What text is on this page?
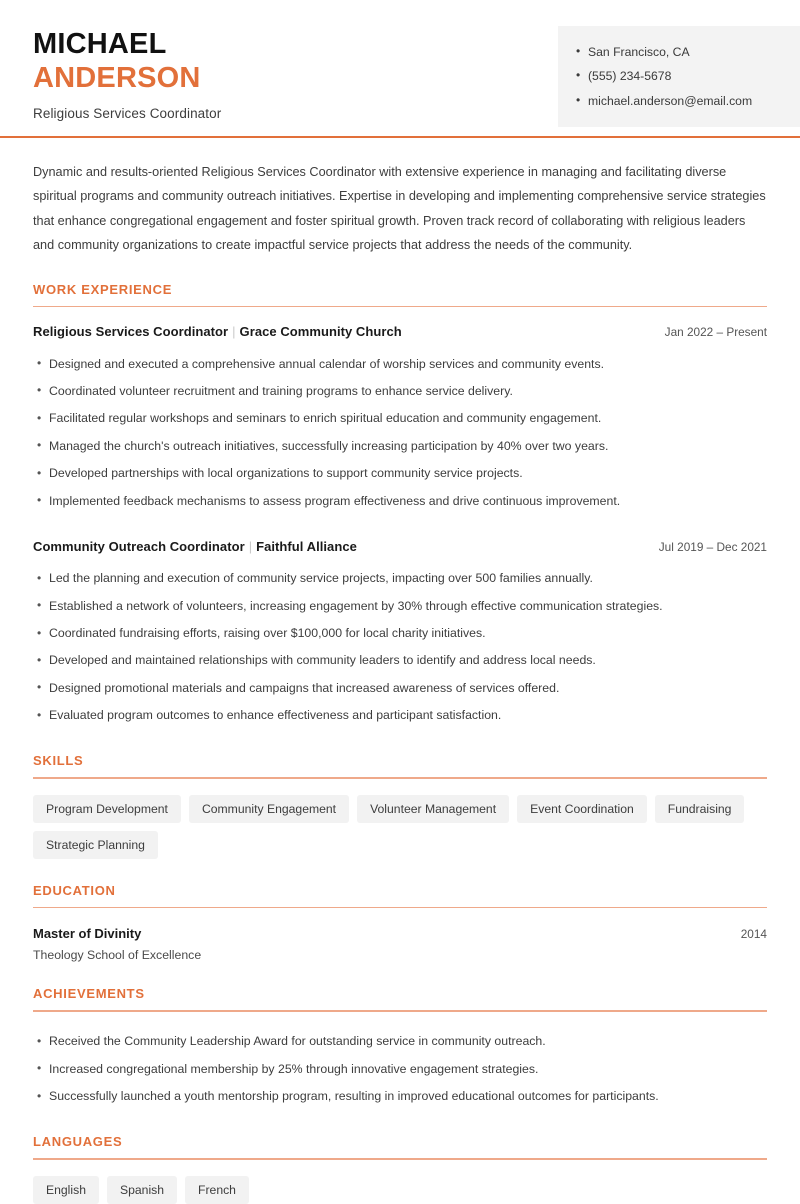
MICHAEL
ANDERSON
Religious Services Coordinator
• San Francisco, CA
• (555) 234-5678
• michael.anderson@email.com

Dynamic and results-oriented Religious Services Coordinator with extensive experience in managing and facilitating diverse spiritual programs and community outreach initiatives. Expertise in developing and implementing comprehensive service strategies that enhance congregational engagement and foster spiritual growth. Proven track record of collaborating with religious leaders and community organizations to create impactful service projects that address the needs of the community.

WORK EXPERIENCE
Religious Services Coordinator | Grace Community Church	Jan 2022 – Present
• Designed and executed a comprehensive annual calendar of worship services and community events.
• Coordinated volunteer recruitment and training programs to enhance service delivery.
• Facilitated regular workshops and seminars to enrich spiritual education and community engagement.
• Managed the church's outreach initiatives, successfully increasing participation by 40% over two years.
• Developed partnerships with local organizations to support community service projects.
• Implemented feedback mechanisms to assess program effectiveness and drive continuous improvement.
Community Outreach Coordinator | Faithful Alliance	Jul 2019 – Dec 2021
• Led the planning and execution of community service projects, impacting over 500 families annually.
• Established a network of volunteers, increasing engagement by 30% through effective communication strategies.
• Coordinated fundraising efforts, raising over $100,000 for local charity initiatives.
• Developed and maintained relationships with community leaders to identify and address local needs.
• Designed promotional materials and campaigns that increased awareness of services offered.
• Evaluated program outcomes to enhance effectiveness and participant satisfaction.
SKILLS
Program Development	Community Engagement	Volunteer Management	Event Coordination	Fundraising
Strategic Planning
EDUCATION
Master of Divinity	2014
Theology School of Excellence
ACHIEVEMENTS
• Received the Community Leadership Award for outstanding service in community outreach.
• Increased congregational membership by 25% through innovative engagement strategies.
• Successfully launched a youth mentorship program, resulting in improved educational outcomes for participants.
LANGUAGES
English	Spanish	French
